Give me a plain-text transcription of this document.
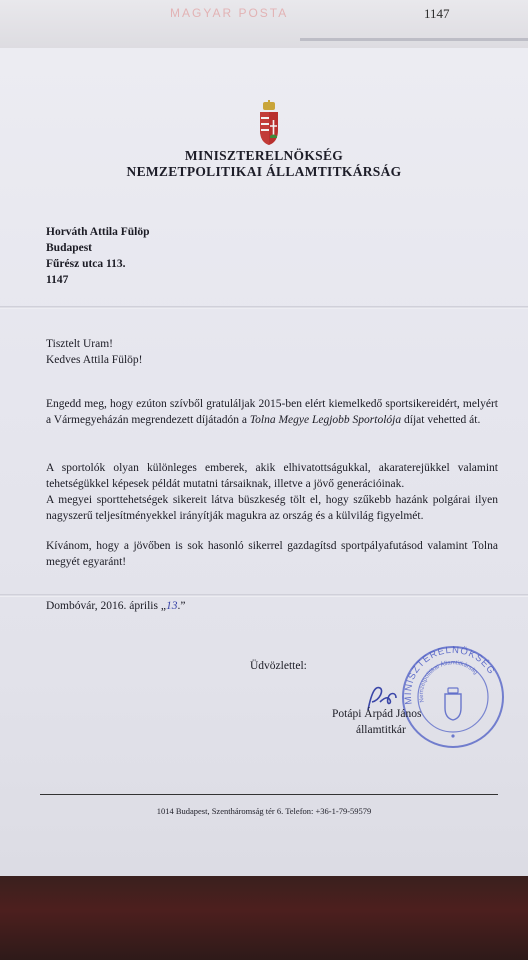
MAGYAR POSTA	1147
MINISZTERELNÖKSÉG
NEMZETPOLITIKAI ÁLLAMTITKÁRSÁG
Horváth Attila Fülöp
Budapest
Fűrész utca 113.
1147
Tisztelt Uram!
Kedves Attila Fülöp!
Engedd meg, hogy ezúton szívből gratuláljak 2015-ben elért kiemelkedő sportsikereidért, melyért a Vármegyeházán megrendezett díjátadón a Tolna Megye Legjobb Sportolója díjat vehetted át.
A sportolók olyan különleges emberek, akik elhivatottságukkal, akaraterejükkel valamint tehetségükkel képesek példát mutatni társaiknak, illetve a jövő generációinak.
A megyei sporttehetségek sikereit látva büszkeség tölt el, hogy szűkebb hazánk polgárai ilyen nagyszerű teljesítményekkel irányítják magukra az ország és a külvilág figyelmét.
Kívánom, hogy a jövőben is sok hasonló sikerrel gazdagítsd sportpályafutásod valamint Tolna megyét egyaránt!
Dombóvár, 2016. április „13.”
Üdvözlettel:
MINISZTERELNÖKSÉG
Nemzetpolitikai Államtitkárság
Potápi Árpád János
államtitkár
1014 Budapest, Szentháromság tér 6. Telefon: +36-1-79-59579
